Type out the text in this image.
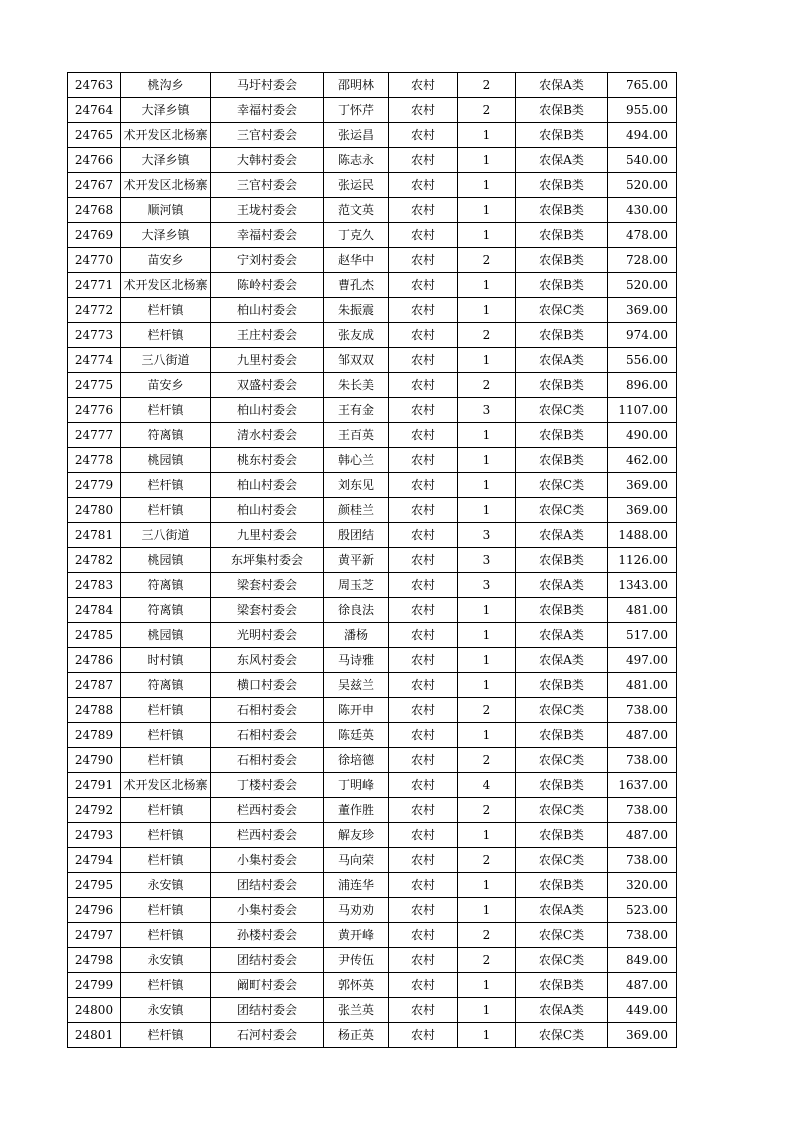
24763	桃沟乡	马圩村委会	邵明林	农村	2	农保A类	765.00
24764	大泽乡镇	幸福村委会	丁怀芹	农村	2	农保B类	955.00
24765	术开发区北杨寨	三官村委会	张运昌	农村	1	农保B类	494.00
24766	大泽乡镇	大韩村委会	陈志永	农村	1	农保A类	540.00
24767	术开发区北杨寨	三官村委会	张运民	农村	1	农保B类	520.00
24768	顺河镇	王垅村委会	范文英	农村	1	农保B类	430.00
24769	大泽乡镇	幸福村委会	丁克久	农村	1	农保B类	478.00
24770	苗安乡	宁刘村委会	赵华中	农村	2	农保B类	728.00
24771	术开发区北杨寨	陈岭村委会	曹孔杰	农村	1	农保B类	520.00
24772	栏杆镇	柏山村委会	朱振震	农村	1	农保C类	369.00
24773	栏杆镇	王庄村委会	张友成	农村	2	农保B类	974.00
24774	三八街道	九里村委会	邹双双	农村	1	农保A类	556.00
24775	苗安乡	双盛村委会	朱长美	农村	2	农保B类	896.00
24776	栏杆镇	柏山村委会	王有金	农村	3	农保C类	1107.00
24777	符离镇	清水村委会	王百英	农村	1	农保B类	490.00
24778	桃园镇	桃东村委会	韩心兰	农村	1	农保B类	462.00
24779	栏杆镇	柏山村委会	刘东见	农村	1	农保C类	369.00
24780	栏杆镇	柏山村委会	颜桂兰	农村	1	农保C类	369.00
24781	三八街道	九里村委会	殷团结	农村	3	农保A类	1488.00
24782	桃园镇	东坪集村委会	黄平新	农村	3	农保B类	1126.00
24783	符离镇	梁套村委会	周玉芝	农村	3	农保A类	1343.00
24784	符离镇	梁套村委会	徐良法	农村	1	农保B类	481.00
24785	桃园镇	光明村委会	潘杨	农村	1	农保A类	517.00
24786	时村镇	东风村委会	马诗雅	农村	1	农保A类	497.00
24787	符离镇	横口村委会	吴兹兰	农村	1	农保B类	481.00
24788	栏杆镇	石相村委会	陈开申	农村	2	农保C类	738.00
24789	栏杆镇	石相村委会	陈廷英	农村	1	农保B类	487.00
24790	栏杆镇	石相村委会	徐培德	农村	2	农保C类	738.00
24791	术开发区北杨寨	丁楼村委会	丁明峰	农村	4	农保B类	1637.00
24792	栏杆镇	栏西村委会	董作胜	农村	2	农保C类	738.00
24793	栏杆镇	栏西村委会	解友珍	农村	1	农保B类	487.00
24794	栏杆镇	小集村委会	马向荣	农村	2	农保C类	738.00
24795	永安镇	团结村委会	浦连华	农村	1	农保B类	320.00
24796	栏杆镇	小集村委会	马劝劝	农村	1	农保A类	523.00
24797	栏杆镇	孙楼村委会	黄开峰	农村	2	农保C类	738.00
24798	永安镇	团结村委会	尹传伍	农村	2	农保C类	849.00
24799	栏杆镇	阚町村委会	郭怀英	农村	1	农保B类	487.00
24800	永安镇	团结村委会	张兰英	农村	1	农保A类	449.00
24801	栏杆镇	石河村委会	杨正英	农村	1	农保C类	369.00
